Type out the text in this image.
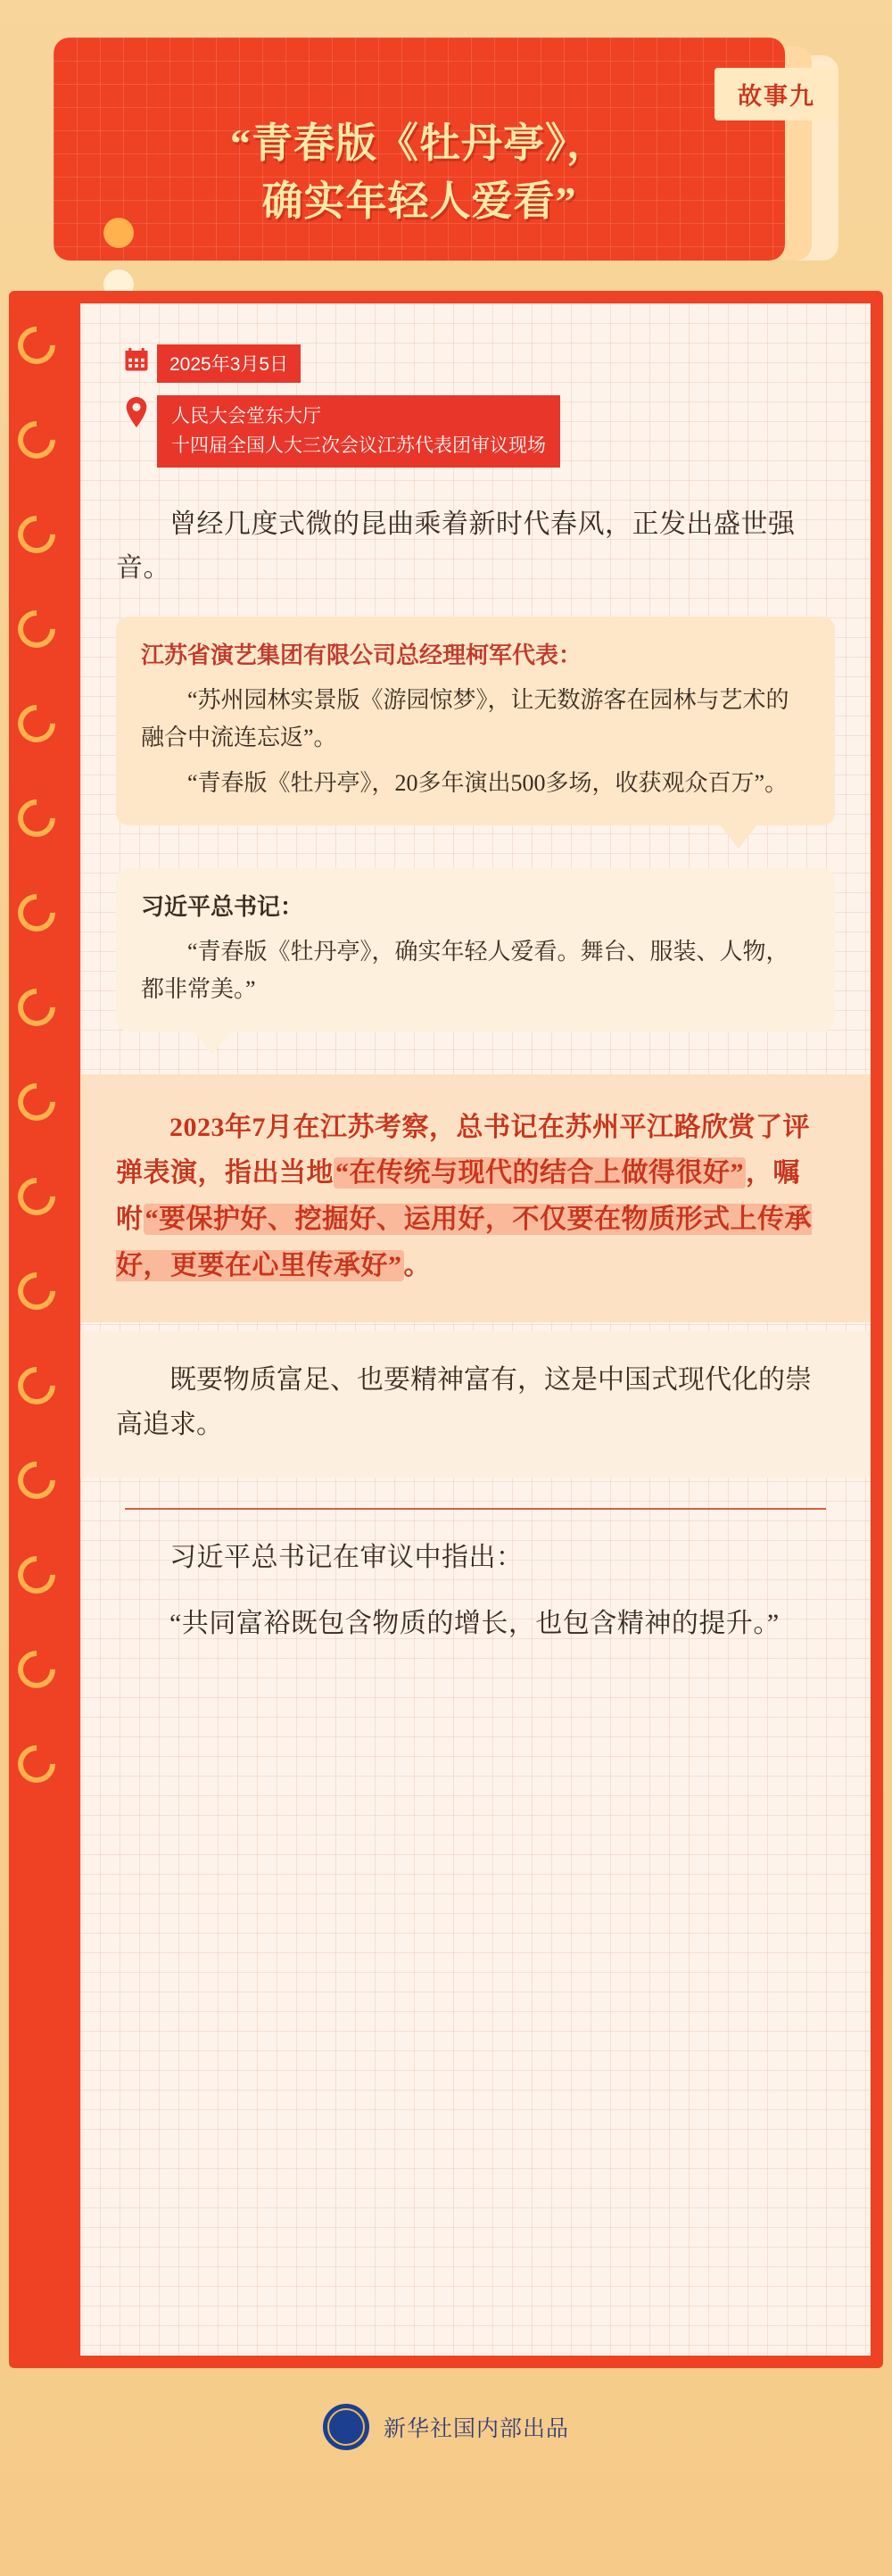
故事九
“青春版《牡丹亭》，
确实年轻人爱看”
2025年3月5日
人民大会堂东大厅
十四届全国人大三次会议江苏代表团审议现场

曾经几度式微的昆曲乘着新时代春风，正发出盛世强音。

江苏省演艺集团有限公司总经理柯军代表：
“苏州园林实景版《游园惊梦》，让无数游客在园林与艺术的融合中流连忘返”。
“青春版《牡丹亭》，20多年演出500多场，收获观众百万”。
习近平总书记：
“青春版《牡丹亭》，确实年轻人爱看。舞台、服装、人物，都非常美。”

2023年7月在江苏考察，总书记在苏州平江路欣赏了评弹表演，指出当地“在传统与现代的结合上做得很好”，嘱咐“要保护好、挖掘好、运用好，不仅要在物质形式上传承好，更要在心里传承好”。

既要物质富足、也要精神富有，这是中国式现代化的崇高追求。

习近平总书记在审议中指出：

“共同富裕既包含物质的增长，也包含精神的提升。”

新华社国内部出品
